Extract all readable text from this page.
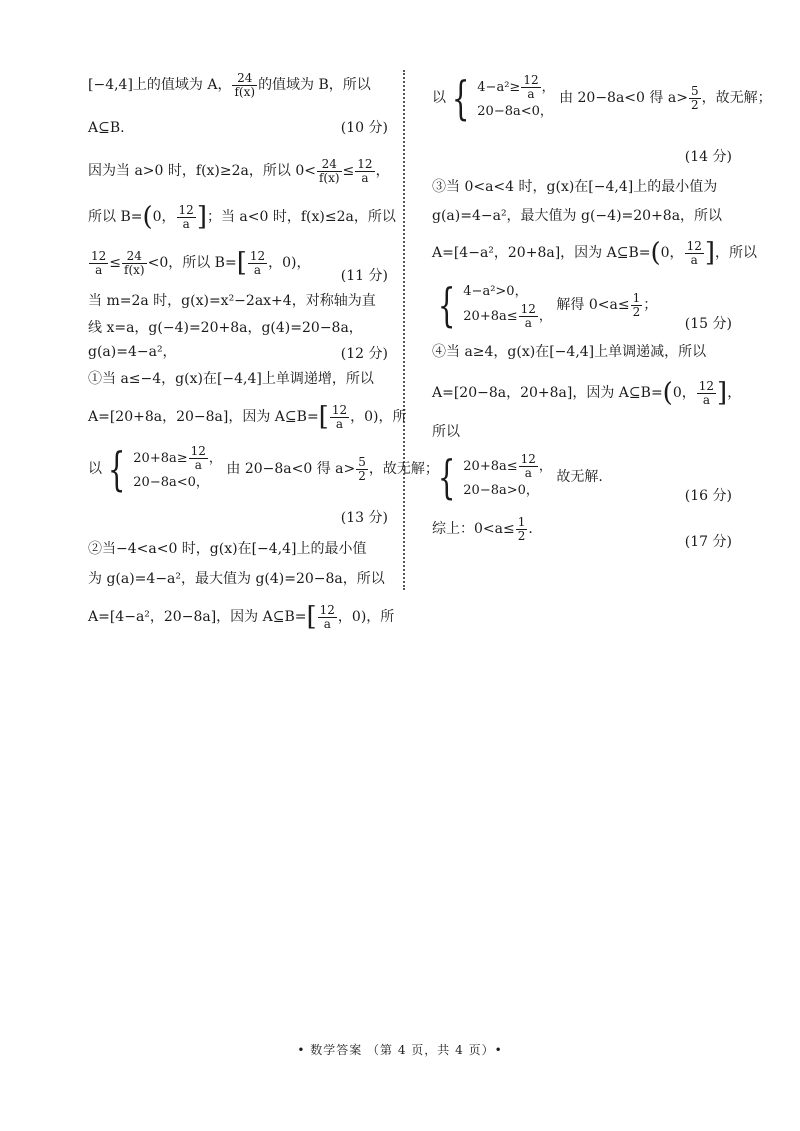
[−4,4]上的值域为 A， $\frac{24}{f(x)}$ 的值域为 B，所以
A⊆B.	(10 分)
因为当 a>0 时，f(x)≥2a，所以 $0< \frac{24}{f(x)} \le \frac{12}{a}$ ，
所以 B=(0， $\frac{12}{a}$ ]；当 a<0 时，f(x)≤2a，所以
$\frac{12}{a} \le \frac{24}{f(x)} <0$，所以 $B=[ \frac{12}{a}$ ，0)，
(11 分)
当 m=2a 时，g(x)=x²−2ax+4，对称轴为直
线 x=a，g(−4)=20+8a，g(4)=20−8a，
g(a)=4−a²，	(12 分)
①当 a≤−4，g(x)在[−4,4]上单调递增，所以
A=[20+8a，20−8a]，因为 A⊆B=[ $\frac{12}{a}$ ，0)，所
以 { $20+8a\ge \frac{12}{a}$ ，
20−8a<0，
由 20−8a<0 得 $a> \frac{5}{2}$ ，故无解；
(13 分)
②当−4<a<0 时，g(x)在[−4,4]上的最小值
为 g(a)=4−a²，最大值为 g(4)=20−8a，所以
A=[4−a²，20−8a]，因为 A⊆B=[ $\frac{12}{a}$ ，0)，所
以 { $4-a^2\ge \frac{12}{a}$ ，
20−8a<0，
由 20−8a<0 得 $a> \frac{5}{2}$ ，故无解；
(14 分)
③当 0<a<4 时，g(x)在[−4,4]上的最小值为
g(a)=4−a²，最大值为 g(−4)=20+8a，所以
A=[4−a²，20+8a]，因为 A⊆B=(0， $\frac{12}{a}$ ]，所以
{ 4−a²>0，
$20+8a\le \frac{12}{a}$ ，
解得 $0<a\le \frac{1}{2}$ ；
(15 分)
④当 a≥4，g(x)在[−4,4]上单调递减，所以
A=[20−8a，20+8a]，因为 A⊆B=(0， $\frac{12}{a}$ ]，
所以
{ $20+8a\le \frac{12}{a}$ ，
20−8a>0，
故无解.
(16 分)
综上：$0<a\le \frac{1}{2}$ .
(17 分)
• 数学答案 （第 4 页，共 4 页）•
